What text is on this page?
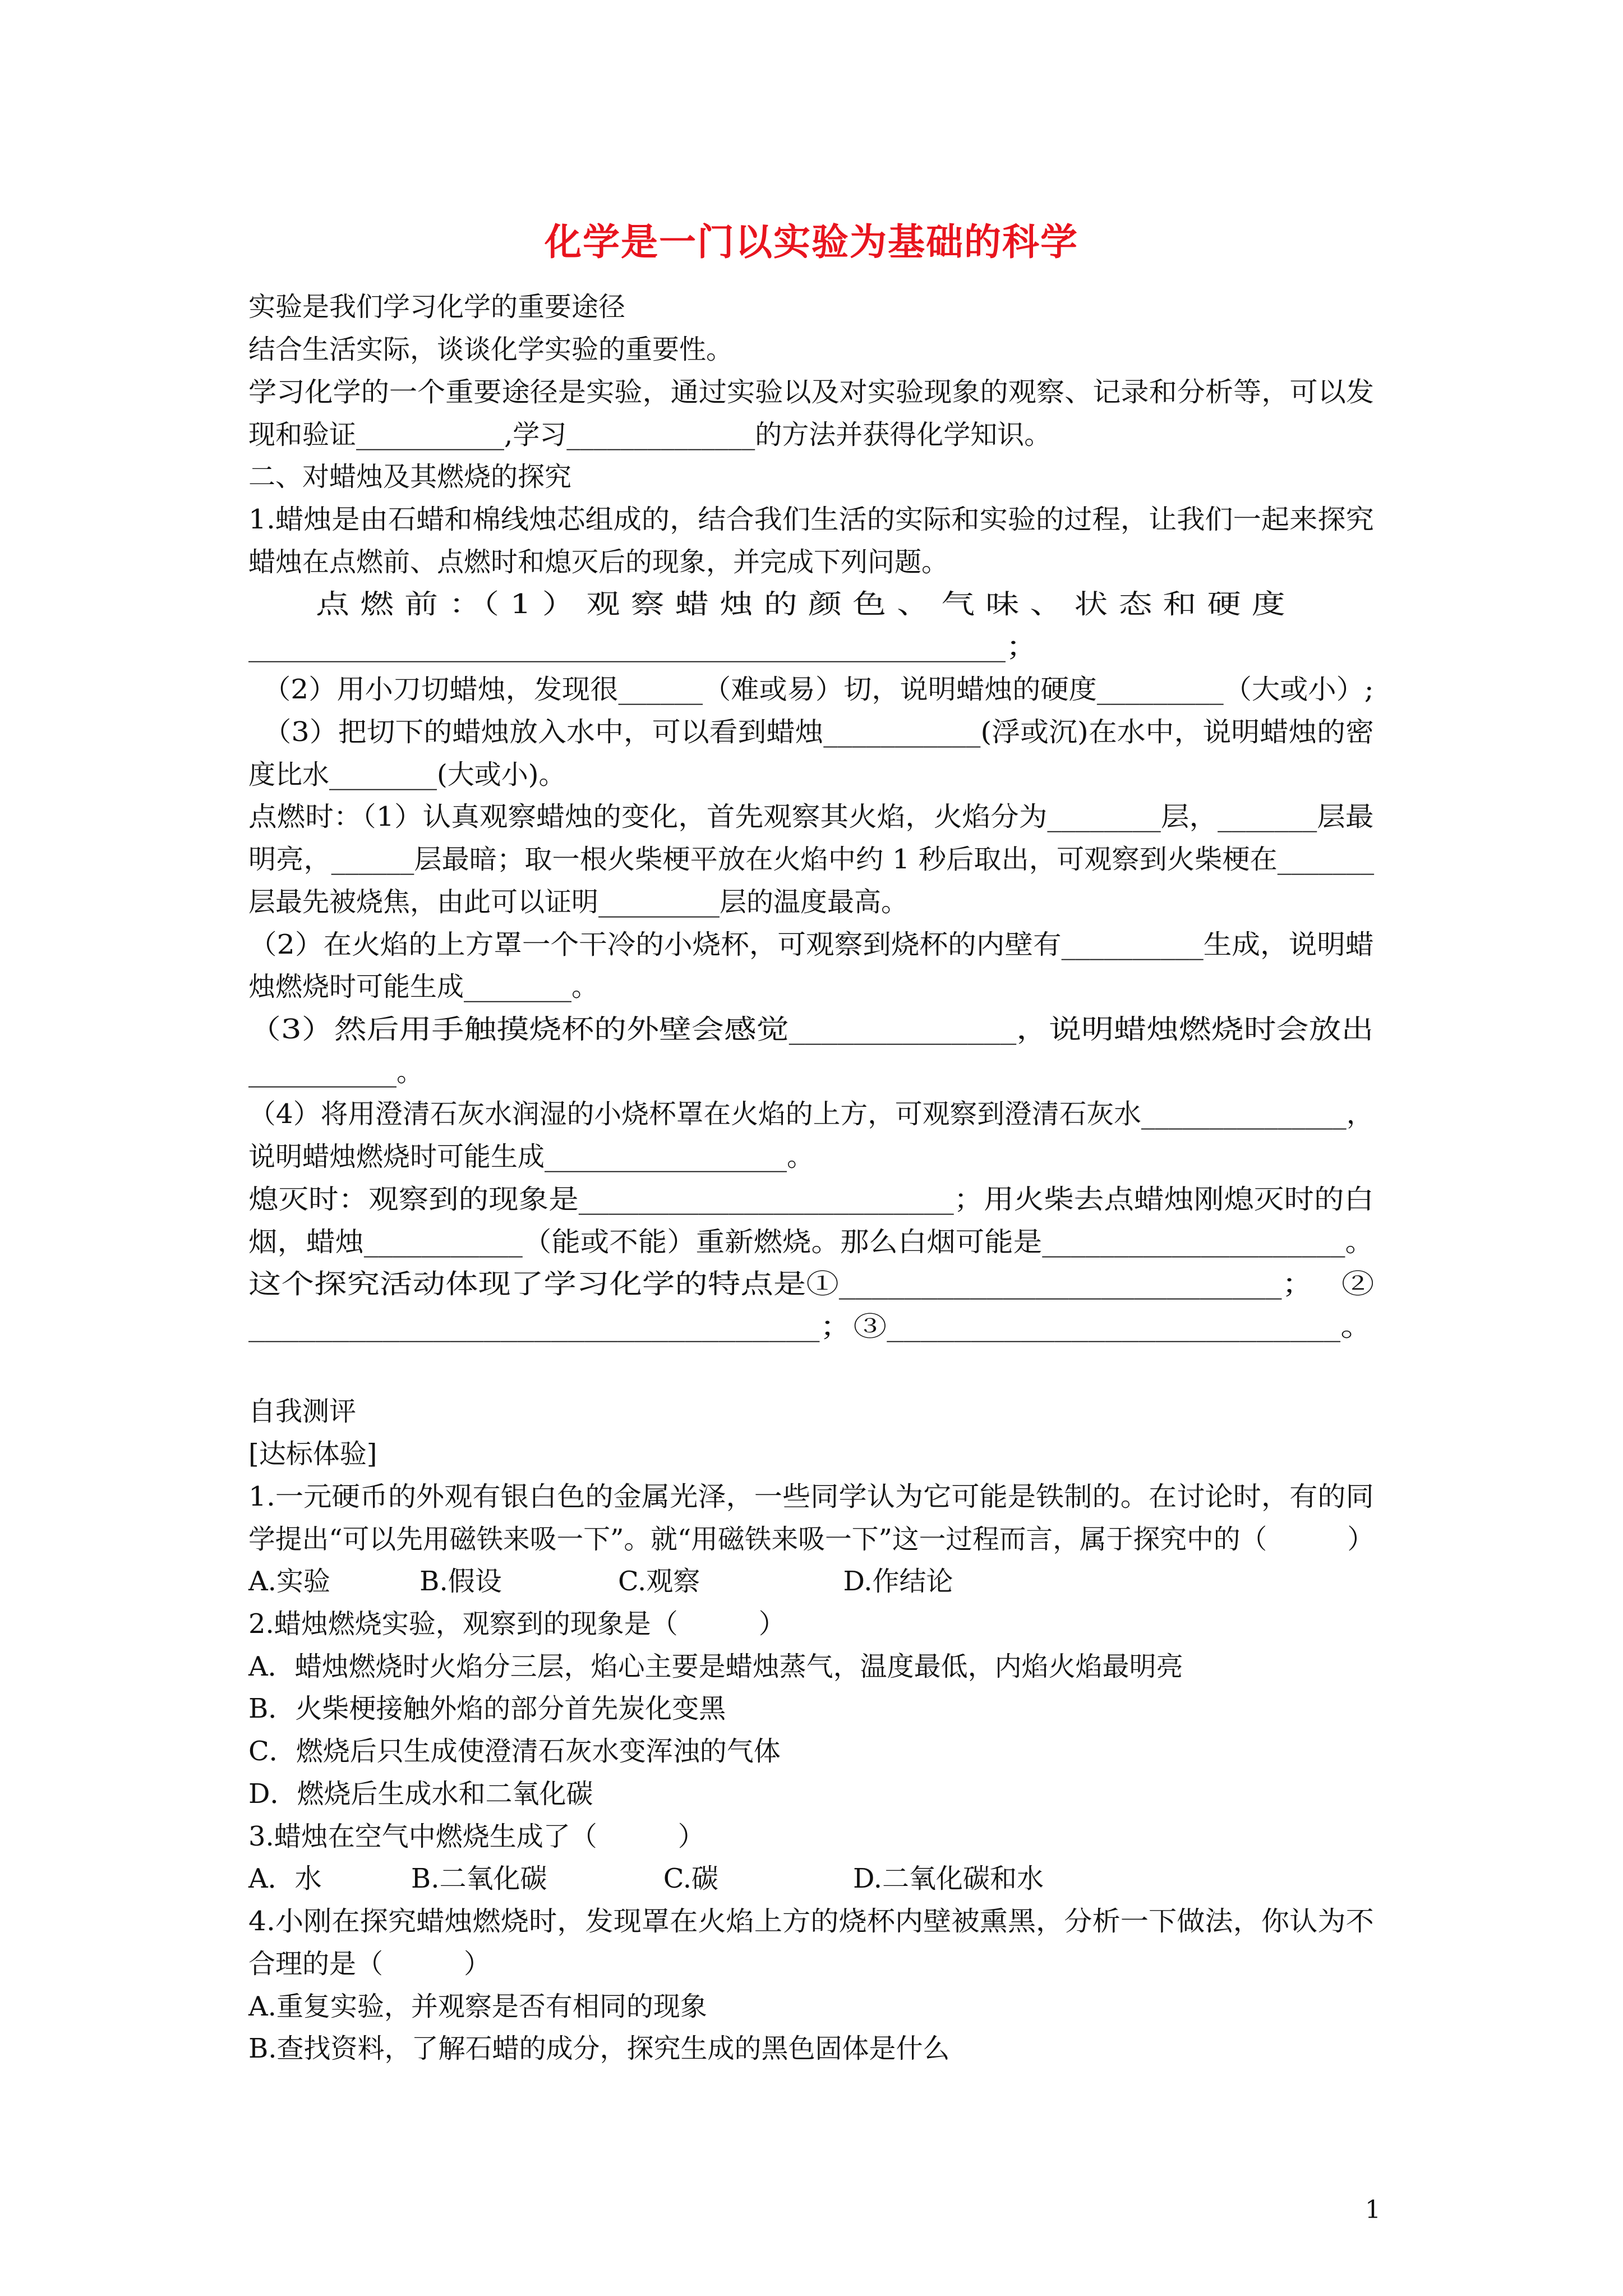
化学是一门以实验为基础的科学
实验是我们学习化学的重要途径
结合生活实际，谈谈化学实验的重要性。
学习化学的一个重要途径是实验，通过实验以及对实验现象的观察、记录和分析等，可以发
现和验证___________,学习______________的方法并获得化学知识。
二、对蜡烛及其燃烧的探究
1.蜡烛是由石蜡和棉线烛芯组成的，结合我们生活的实际和实验的过程，让我们一起来探究
蜡烛在点燃前、点燃时和熄灭后的现象，并完成下列问题。
　　点 燃 前 ：（ 1 ） 观 察 蜡 烛 的 颜 色 、 气 味 、 状 态 和 硬 度
_____________________________________________；
　（2）用小刀切蜡烛，发现很______（难或易）切，说明蜡烛的硬度_________（大或小）;
　（3）把切下的蜡烛放入水中，可以看到蜡烛___________(浮或沉)在水中，说明蜡烛的密
度比水________(大或小)。
点燃时：（1）认真观察蜡烛的变化，首先观察其火焰，火焰分为________层，_______层最
明亮，______层最暗；取一根火柴梗平放在火焰中约 1 秒后取出，可观察到火柴梗在_______
层最先被烧焦，由此可以证明_________层的温度最高。
（2）在火焰的上方罩一个干冷的小烧杯，可观察到烧杯的内壁有__________生成，说明蜡
烛燃烧时可能生成________。
（3）然后用手触摸烧杯的外壁会感觉______________，说明蜡烛燃烧时会放出
___________。
（4）将用澄清石灰水润湿的小烧杯罩在火焰的上方，可观察到澄清石灰水_______________，
说明蜡烛燃烧时可能生成__________________。
熄灭时：观察到的现象是_________________________；用火柴去点蜡烛刚熄灭时的白
烟，蜡烛___________（能或不能）重新燃烧。那么白烟可能是_____________________。
这个探究活动体现了学习化学的特点是①___________________________；　 ②
__________________________________；③___________________________。
自我测评
[达标体验]
1.一元硬币的外观有银白色的金属光泽，一些同学认为它可能是铁制的。在讨论时，有的同
学提出“可以先用磁铁来吸一下”。就“用磁铁来吸一下”这一过程而言，属于探究中的（　　　）
A.实验　　　 B.假设　　　　 C.观察　　　　　 D.作结论
2.蜡烛燃烧实验，观察到的现象是（　　　）
A．蜡烛燃烧时火焰分三层，焰心主要是蜡烛蒸气，温度最低，内焰火焰最明亮
B．火柴梗接触外焰的部分首先炭化变黑
C．燃烧后只生成使澄清石灰水变浑浊的气体
D．燃烧后生成水和二氧化碳
3.蜡烛在空气中燃烧生成了（　　　）
A．水　　　 B.二氧化碳　　　　 C.碳　　　　　D.二氧化碳和水
4.小刚在探究蜡烛燃烧时，发现罩在火焰上方的烧杯内壁被熏黑，分析一下做法，你认为不
合理的是（　　　）
A.重复实验，并观察是否有相同的现象
B.查找资料，了解石蜡的成分，探究生成的黑色固体是什么
1
